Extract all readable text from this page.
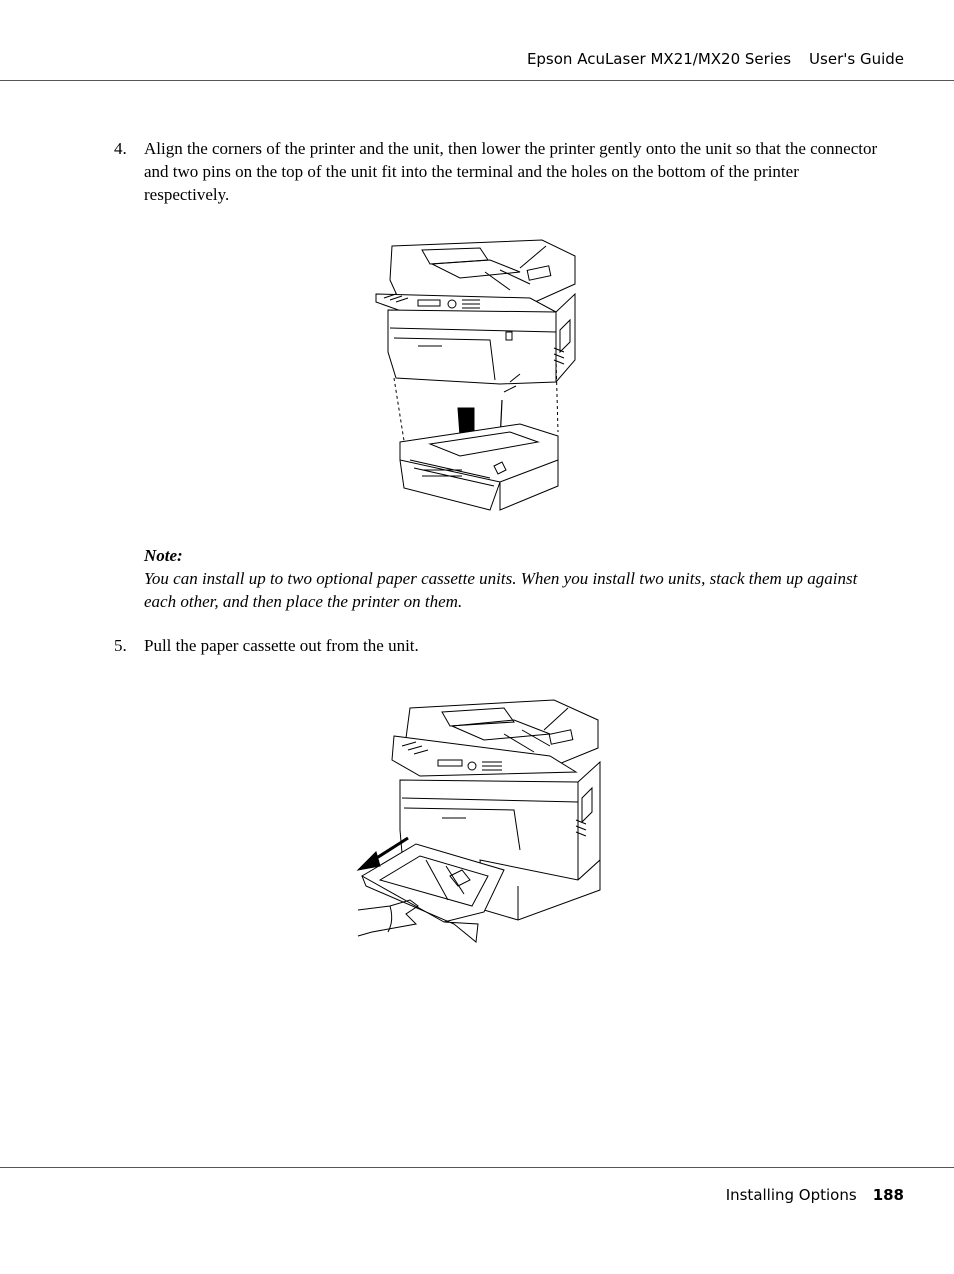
Epson AcuLaser MX21/MX20 Series User's Guide
4. Align the corners of the printer and the unit, then lower the printer gently onto the unit so that the connector and two pins on the top of the unit fit into the terminal and the holes on the bottom of the printer respectively.
Note:
You can install up to two optional paper cassette units. When you install two units, stack them up against each other, and then place the printer on them.
5. Pull the paper cassette out from the unit.
Installing Options 188
